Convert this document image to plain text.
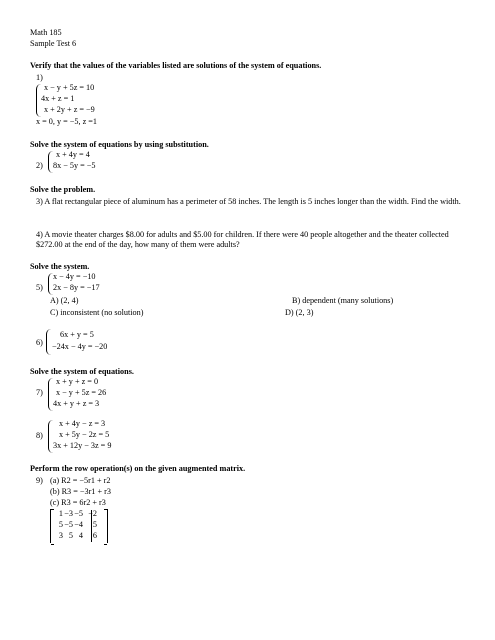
Math 185
Sample Test 6
Verify that the values of the variables listed are solutions of the system of equations.
1)
x − y + 5z = 10
4x + z = 1
x + 2y + z = −9
x = 0, y = −5, z =1
Solve the system of equations by using substitution.
2)
x + 4y = 4
8x − 5y = −5
Solve the problem.
3) A flat rectangular piece of aluminum has a perimeter of 58 inches. The length is 5 inches longer than the width. Find the width.
4) A movie theater charges $8.00 for adults and $5.00 for children. If there were 40 people altogether and the theater collected $272.00 at the end of the day, how many of them were adults?
Solve the system.
5)
x − 4y = −10
2x − 8y = −17
A) (2, 4)	B) dependent (many solutions)
C) inconsistent (no solution)	D) (2, 3)
6)
6x + y = 5
−24x − 4y = −20
Solve the system of equations.
7)
x + y + z = 0
x − y + 5z = 26
4x + y + z = 3
8)
x + 4y − z = 3
x + 5y − 2z = 5
3x + 12y − 3z = 9
Perform the row operation(s) on the given augmented matrix.
9) (a) R2 = −5r1 + r2
(b) R3 = −3r1 + r3
(c) R3 = 6r2 + r3
1−3−5 −2
5−5−4 5
3 5 4 6
